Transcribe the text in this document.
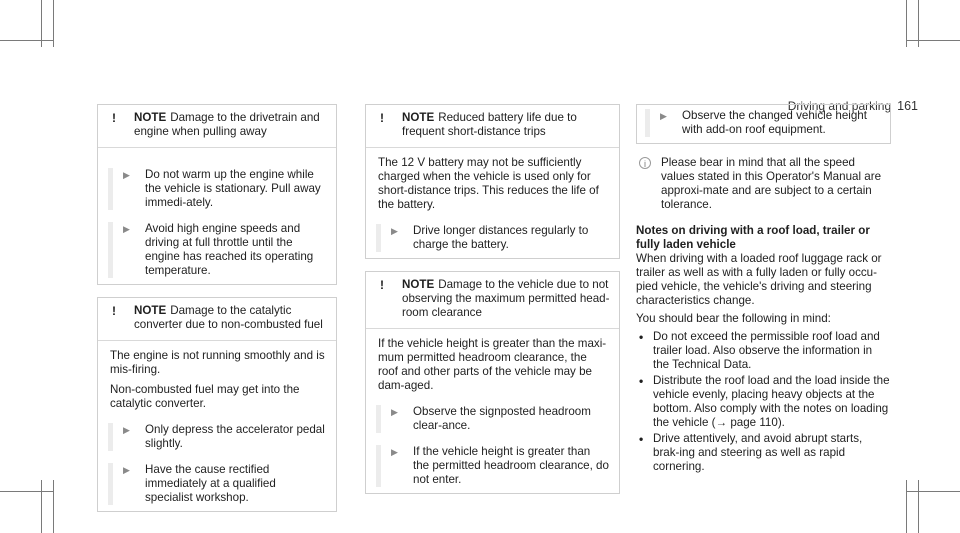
Driving and parking 161
!	NOTE Damage to the drivetrain and engine when pulling away
▶	Do not warm up the engine while the vehicle is stationary. Pull away immedi-ately.
▶	Avoid high engine speeds and driving at full throttle until the engine has reached its operating temperature.
!	NOTE Damage to the catalytic converter due to non-combusted fuel

The engine is not running smoothly and is mis-firing.

Non-combusted fuel may get into the catalytic converter.

▶	Only depress the accelerator pedal slightly.
▶	Have the cause rectified immediately at a qualified specialist workshop.
!	NOTE Reduced battery life due to frequent short-distance trips

The 12 V battery may not be sufficiently charged when the vehicle is used only for short-distance trips. This reduces the life of the battery.

▶	Drive longer distances regularly to charge the battery.
!	NOTE Damage to the vehicle due to not observing the maximum permitted head-room clearance

If the vehicle height is greater than the maxi-mum permitted headroom clearance, the roof and other parts of the vehicle may be dam-aged.

▶	Observe the signposted headroom clear-ance.
▶	If the vehicle height is greater than the permitted headroom clearance, do not enter.
▶	Observe the changed vehicle height with add-on roof equipment.
i	Please bear in mind that all the speed values stated in this Operator's Manual are approxi-mate and are subject to a certain tolerance.
Notes on driving with a roof load, trailer or fully laden vehicle

When driving with a loaded roof luggage rack or trailer as well as with a fully laden or fully occu-pied vehicle, the vehicle's driving and steering characteristics change.

You should bear the following in mind:

• Do not exceed the permissible roof load and trailer load. Also observe the information in the Technical Data.
• Distribute the roof load and the load inside the vehicle evenly, placing heavy objects at the bottom. Also comply with the notes on loading the vehicle (→ page 110).
• Drive attentively, and avoid abrupt starts, brak-ing and steering as well as rapid cornering.
